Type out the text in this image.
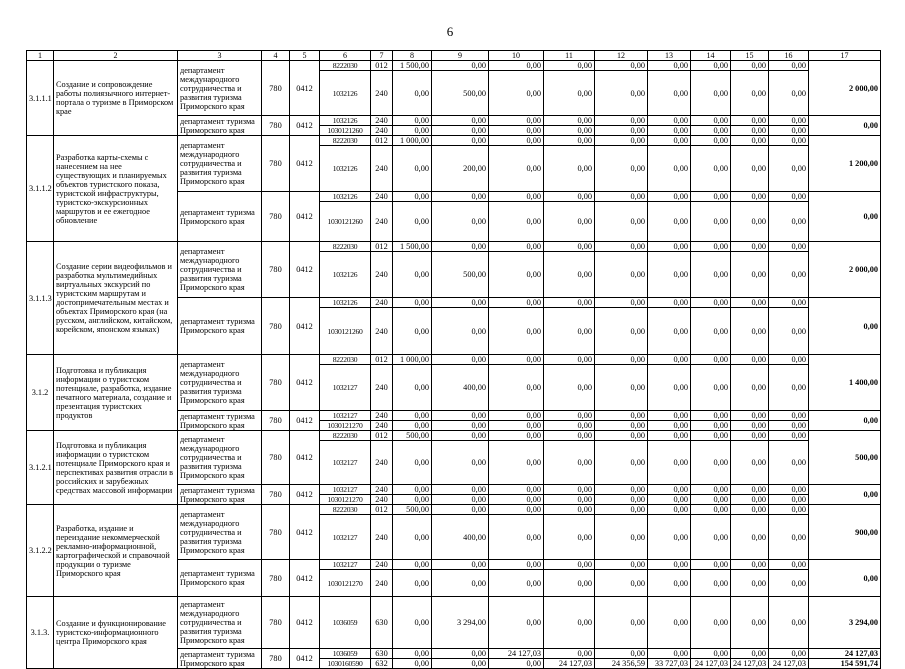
6
1	2	3	4	5	6	7	8	9	10	11	12	13	14	15	16	17
3.1.1.1	Создание и сопровождение работы полиязычного интернет-портала о туризме в Приморском крае	департамент международного сотрудничества и развития туризма Приморского края	780	0412	8222030	012	1 500,00	0,00	0,00	0,00	0,00	0,00	0,00	0,00	0,00	2 000,00
					1032126	240	0,00	500,00	0,00	0,00	0,00	0,00	0,00	0,00	0,00	
		департамент туризма Приморского края	780	0412	1032126	240	0,00	0,00	0,00	0,00	0,00	0,00	0,00	0,00	0,00	0,00
					1030121260	240	0,00	0,00	0,00	0,00	0,00	0,00	0,00	0,00	0,00	
3.1.1.2	Разработка карты-схемы с нанесением на нее существующих и планируемых объектов туристского показа, туристской инфраструктуры, туристско-экскурсионных маршрутов и ее ежегодное обновление	департамент международного сотрудничества и развития туризма Приморского края	780	0412	8222030	012	1 000,00	0,00	0,00	0,00	0,00	0,00	0,00	0,00	0,00	1 200,00
					1032126	240	0,00	200,00	0,00	0,00	0,00	0,00	0,00	0,00	0,00	
		департамент туризма Приморского края	780	0412	1032126	240	0,00	0,00	0,00	0,00	0,00	0,00	0,00	0,00	0,00	0,00
					1030121260	240	0,00	0,00	0,00	0,00	0,00	0,00	0,00	0,00	0,00	
3.1.1.3	Создание серии видеофильмов и разработка мультимедийных виртуальных экскурсий по туристским маршрутам и достопримечательным местах и объектах Приморского края (на русском, английском, китайском, корейском, японском языках)	департамент международного сотрудничества и развития туризма Приморского края	780	0412	8222030	012	1 500,00	0,00	0,00	0,00	0,00	0,00	0,00	0,00	0,00	2 000,00
					1032126	240	0,00	500,00	0,00	0,00	0,00	0,00	0,00	0,00	0,00	
		департамент туризма Приморского края	780	0412	1032126	240	0,00	0,00	0,00	0,00	0,00	0,00	0,00	0,00	0,00	0,00
					1030121260	240	0,00	0,00	0,00	0,00	0,00	0,00	0,00	0,00	0,00	
3.1.2	Подготовка и публикация информации о туристском потенциале, разработка, издание печатного материала, создание и презентация туристских продуктов	департамент международного сотрудничества и развития туризма Приморского края	780	0412	8222030	012	1 000,00	0,00	0,00	0,00	0,00	0,00	0,00	0,00	0,00	1 400,00
					1032127	240	0,00	400,00	0,00	0,00	0,00	0,00	0,00	0,00	0,00	
		департамент туризма Приморского края	780	0412	1032127	240	0,00	0,00	0,00	0,00	0,00	0,00	0,00	0,00	0,00	0,00
					1030121270	240	0,00	0,00	0,00	0,00	0,00	0,00	0,00	0,00	0,00	
3.1.2.1	Подготовка и публикация информации о туристском потенциале Приморского края и перспективах развития отрасли в российских и зарубежных средствах массовой информации	департамент международного сотрудничества и развития туризма Приморского края	780	0412	8222030	012	500,00	0,00	0,00	0,00	0,00	0,00	0,00	0,00	0,00	500,00
					1032127	240	0,00	0,00	0,00	0,00	0,00	0,00	0,00	0,00	0,00	
		департамент туризма Приморского края	780	0412	1032127	240	0,00	0,00	0,00	0,00	0,00	0,00	0,00	0,00	0,00	0,00
					1030121270	240	0,00	0,00	0,00	0,00	0,00	0,00	0,00	0,00	0,00	
3.1.2.2	Разработка, издание и переиздание некоммерческой рекламно-информационной, картографической и справочной продукции о туризме Приморского края	департамент международного сотрудничества и развития туризма Приморского края	780	0412	8222030	012	500,00	0,00	0,00	0,00	0,00	0,00	0,00	0,00	0,00	900,00
					1032127	240	0,00	400,00	0,00	0,00	0,00	0,00	0,00	0,00	0,00	
		департамент туризма Приморского края	780	0412	1032127	240	0,00	0,00	0,00	0,00	0,00	0,00	0,00	0,00	0,00	0,00
					1030121270	240	0,00	0,00	0,00	0,00	0,00	0,00	0,00	0,00	0,00	
3.1.3.	Создание и функционирование туристско-информационного центра Приморского края	департамент международного сотрудничества и развития туризма Приморского края	780	0412	1036059	630	0,00	3 294,00	0,00	0,00	0,00	0,00	0,00	0,00	0,00	3 294,00
		департамент туризма Приморского края	780	0412	1036059	630	0,00	0,00	24 127,03	0,00	0,00	0,00	0,00	0,00	0,00	24 127,03
					1030160590	632	0,00	0,00	0,00	24 127,03	24 356,59	33 727,03	24 127,03	24 127,03	24 127,03	154 591,74
